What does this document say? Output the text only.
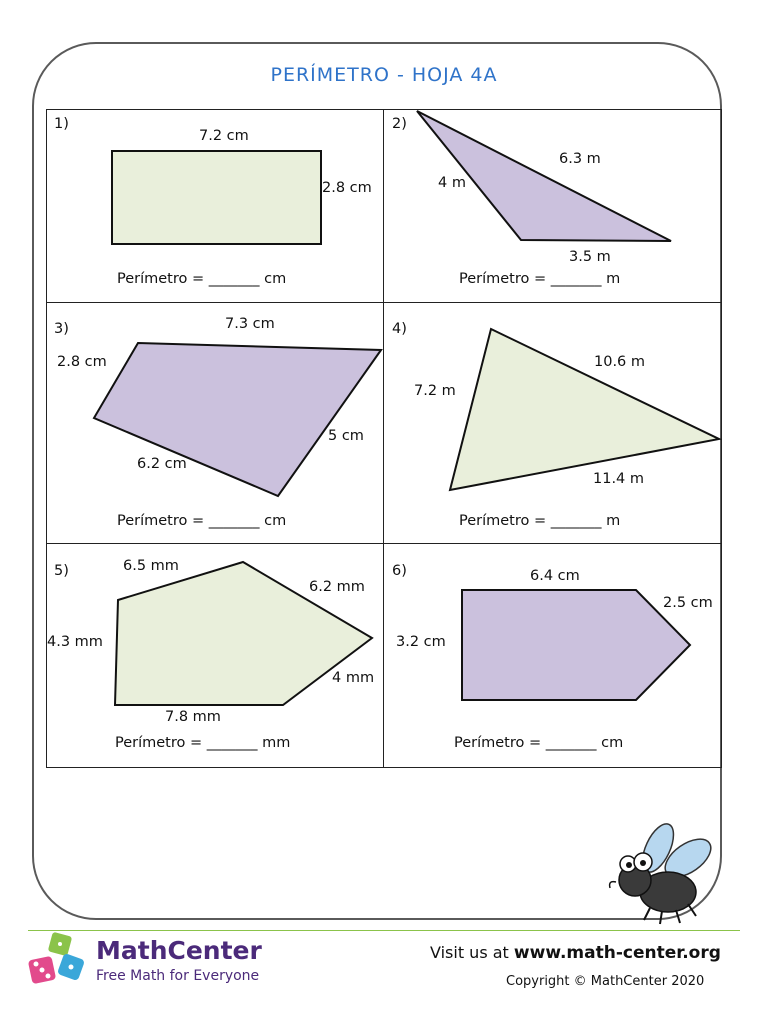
PERÍMETRO - HOJA 4A
1)
7.2 cm
2.8 cm
Perímetro = _______ cm
2)
6.3 m
4 m
3.5 m
Perímetro = _______ m
3)	7.3 cm
2.8 cm
5 cm
6.2 cm
Perímetro = _______ cm
4)
10.6 m
7.2 m
11.4 m
Perímetro = _______ m
5)	6.5 mm
6.2 mm
4.3 mm
4 mm
7.8 mm
Perímetro = _______ mm
6)	6.4 cm
2.5 cm
3.2 cm
Perímetro = _______ cm
MathCenter
Free Math for Everyone
Visit us at www.math-center.org
Copyright © MathCenter 2020
